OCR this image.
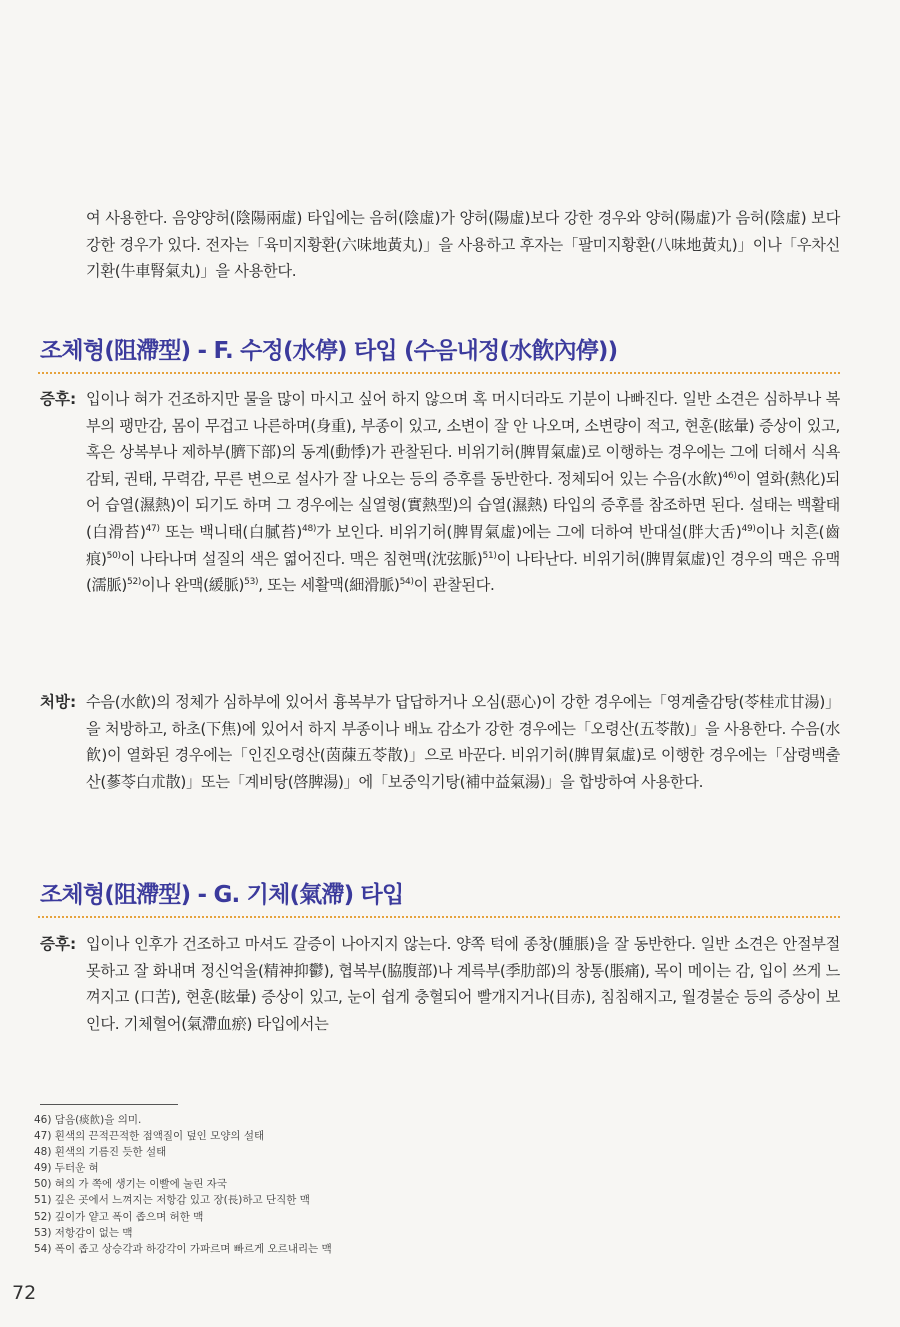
여 사용한다. 음양양허(陰陽兩虛) 타입에는 음허(陰虛)가 양허(陽虛)보다 강한 경우와 양허(陽虛)가 음허(陰虛) 보다 강한 경우가 있다. 전자는「육미지황환(六味地黃丸)」을 사용하고 후자는「팔미지황환(八味地黃丸)」이나「우차신기환(牛車腎氣丸)」을 사용한다.

조체형(阻滯型) - F. 수정(水停) 타입 (수음내정(水飮內停))
증후: 입이나 혀가 건조하지만 물을 많이 마시고 싶어 하지 않으며 혹 머시더라도 기분이 나빠진다. 일반 소견은 심하부나 복부의 팽만감, 몸이 무겁고 나른하며(身重), 부종이 있고, 소변이 잘 안 나오며, 소변량이 적고, 현훈(眩暈) 증상이 있고, 혹은 상복부나 제하부(臍下部)의 동계(動悸)가 관찰된다. 비위기허(脾胃氣虛)로 이행하는 경우에는 그에 더해서 식욕감퇴, 권태, 무력감, 무른 변으로 설사가 잘 나오는 등의 증후를 동반한다. 정체되어 있는 수음(水飮)$^{46)}$이 열화(熱化)되어 습열(濕熱)이 되기도 하며 그 경우에는 실열형(實熱型)의 습열(濕熱) 타입의 증후를 참조하면 된다. 설태는 백활태(白滑苔)$^{47)}$ 또는 백니태(白膩苔)$^{48)}$가 보인다. 비위기허(脾胃氣虛)에는 그에 더하여 반대설(胖大舌)$^{49)}$이나 치흔(齒痕)$^{50)}$이 나타나며 설질의 색은 엷어진다. 맥은 침현맥(沈弦脈)$^{51)}$이 나타난다. 비위기허(脾胃氣虛)인 경우의 맥은 유맥(濡脈)$^{52)}$이나 완맥(緩脈)$^{53)}$, 또는 세활맥(細滑脈)$^{54)}$이 관찰된다.

처방: 수음(水飮)의 정체가 심하부에 있어서 흉복부가 답답하거나 오심(惡心)이 강한 경우에는「영계출감탕(苓桂朮甘湯)」을 처방하고, 하초(下焦)에 있어서 하지 부종이나 배뇨 감소가 강한 경우에는「오령산(五苓散)」을 사용한다. 수음(水飮)이 열화된 경우에는「인진오령산(茵蔯五苓散)」으로 바꾼다. 비위기허(脾胃氣虛)로 이행한 경우에는「삼령백출산(蔘苓白朮散)」또는「계비탕(啓脾湯)」에「보중익기탕(補中益氣湯)」을 합방하여 사용한다.

조체형(阻滯型) - G. 기체(氣滯) 타입
증후: 입이나 인후가 건조하고 마셔도 갈증이 나아지지 않는다. 양쪽 턱에 종창(腫脹)을 잘 동반한다. 일반 소견은 안절부절 못하고 잘 화내며 정신억울(精神抑鬱), 협복부(脇腹部)나 계륵부(季肋部)의 창통(脹痛), 목이 메이는 감, 입이 쓰게 느껴지고 (口苦), 현훈(眩暈) 증상이 있고, 눈이 쉽게 충혈되어 빨개지거나(目赤), 침침해지고, 월경불순 등의 증상이 보인다. 기체혈어(氣滯血瘀) 타입에서는

46) 담음(痰飮)을 의미.
47) 흰색의 끈적끈적한 점액질이 덮인 모양의 설태
48) 흰색의 기름진 듯한 설태
49) 두터운 혀
50) 혀의 가 쪽에 생기는 이빨에 눌린 자국
51) 깊은 곳에서 느껴지는 저항감 있고 장(長)하고 단직한 맥
52) 깊이가 얕고 폭이 좁으며 허한 맥
53) 저항감이 없는 맥
54) 폭이 좁고 상승각과 하강각이 가파르며 빠르게 오르내리는 맥
72
